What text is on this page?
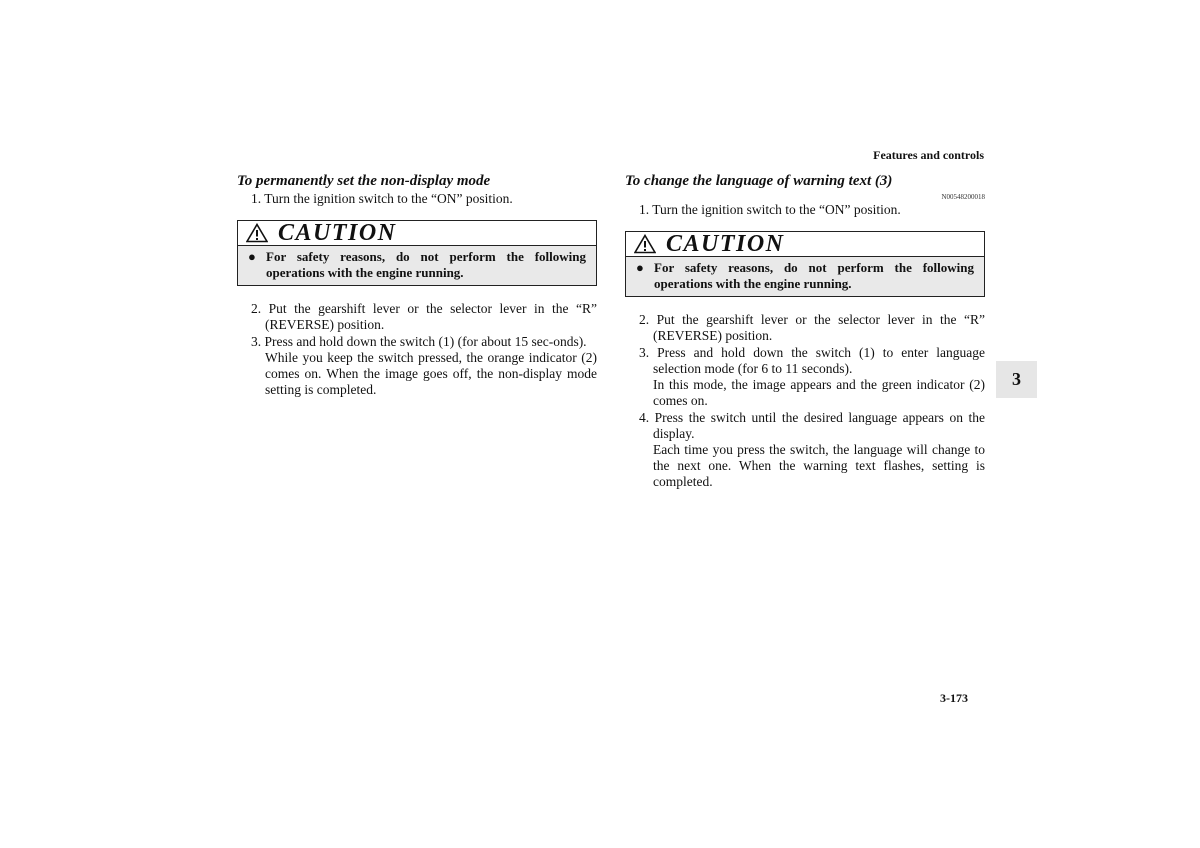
Features and controls

To permanently set the non-display mode

1. Turn the ignition switch to the “ON” position.

CAUTION
● For safety reasons, do not perform the following operations with the engine running.

2. Put the gearshift lever or the selector lever in the “R” (REVERSE) position.

3. Press and hold down the switch (1) (for about 15 sec-onds).
While you keep the switch pressed, the orange indicator (2) comes on. When the image goes off, the non-display mode setting is completed.

To change the language of warning text (3)

N00548200018

1. Turn the ignition switch to the “ON” position.

CAUTION
● For safety reasons, do not perform the following operations with the engine running.

2. Put the gearshift lever or the selector lever in the “R” (REVERSE) position.

3. Press and hold down the switch (1) to enter language selection mode (for 6 to 11 seconds).
In this mode, the image appears and the green indicator (2) comes on.

4. Press the switch until the desired language appears on the display.
Each time you press the switch, the language will change to the next one. When the warning text flashes, setting is completed.

3
3-173
